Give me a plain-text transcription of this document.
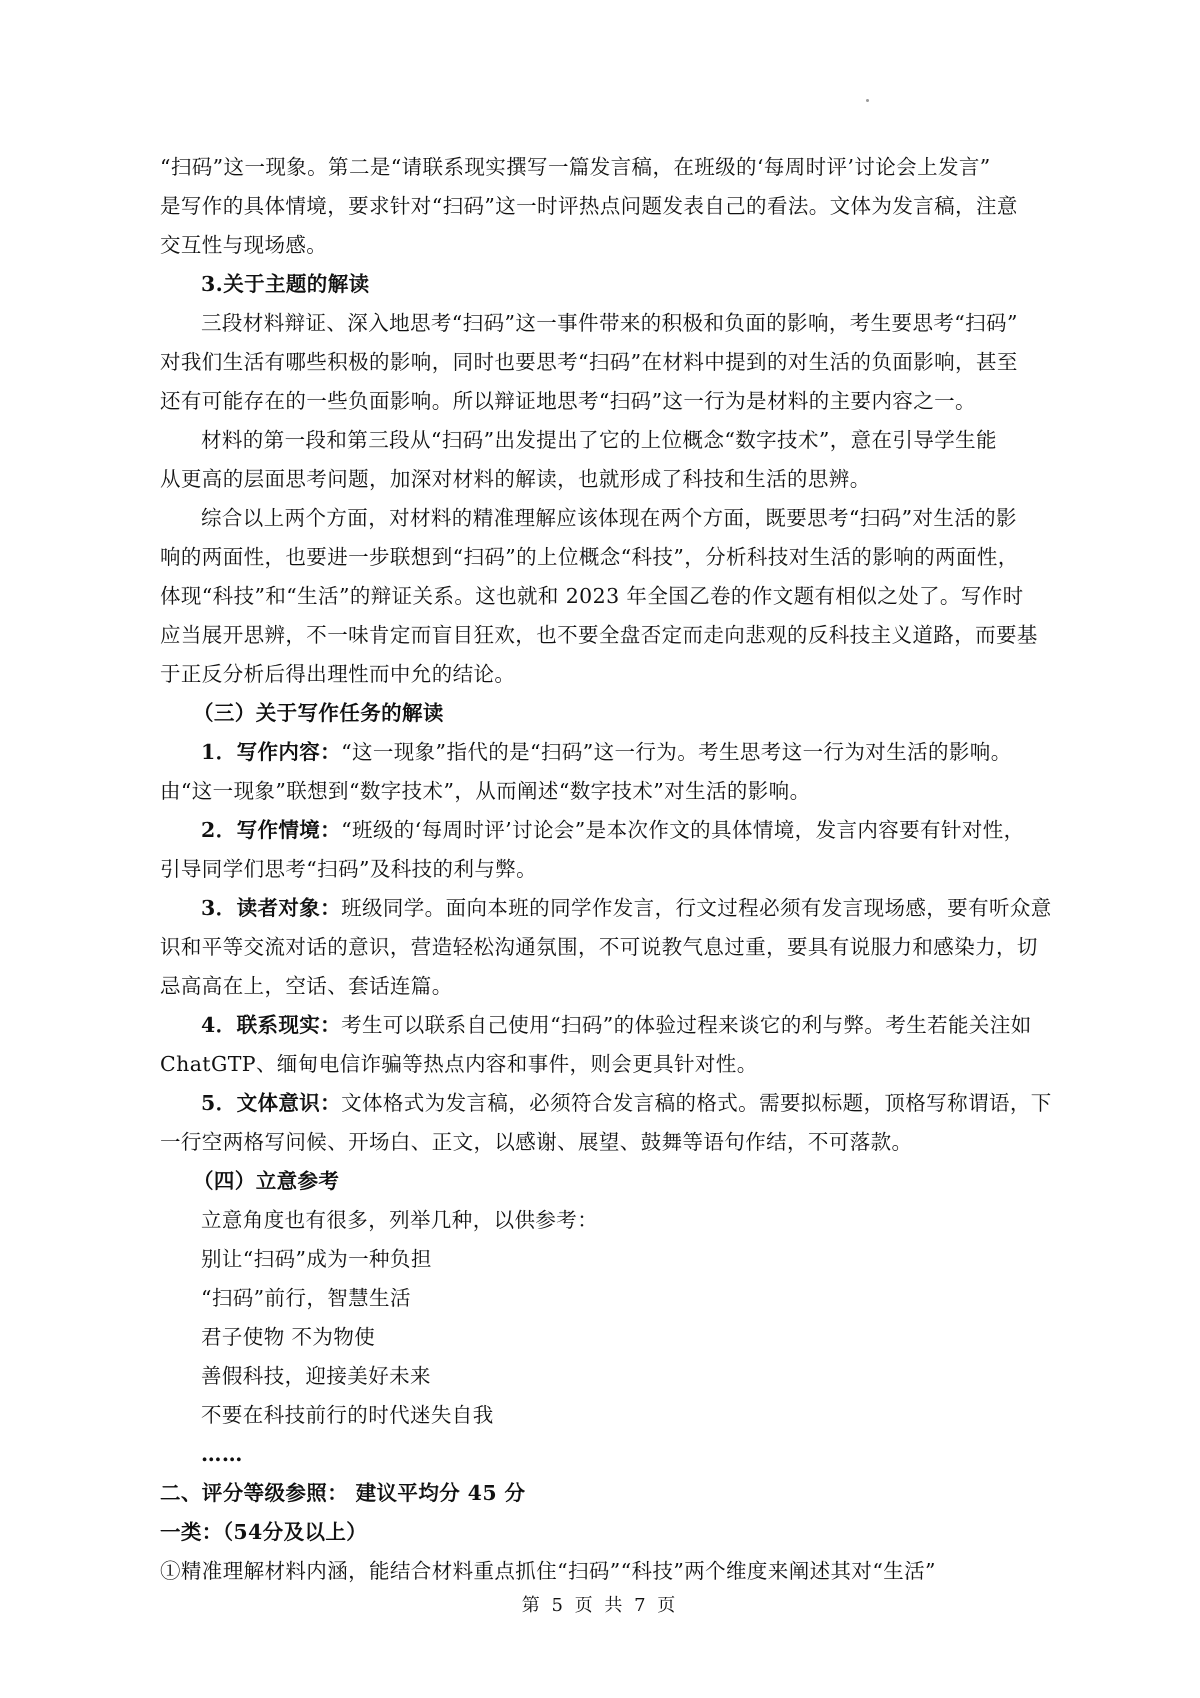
“扫码”这一现象。第二是“请联系现实撰写一篇发言稿，在班级的‘每周时评’讨论会上发言”
是写作的具体情境，要求针对“扫码”这一时评热点问题发表自己的看法。文体为发言稿，注意
交互性与现场感。
3.关于主题的解读
三段材料辩证、深入地思考“扫码”这一事件带来的积极和负面的影响，考生要思考“扫码”
对我们生活有哪些积极的影响，同时也要思考“扫码”在材料中提到的对生活的负面影响，甚至
还有可能存在的一些负面影响。所以辩证地思考“扫码”这一行为是材料的主要内容之一。
材料的第一段和第三段从“扫码”出发提出了它的上位概念“数字技术”，意在引导学生能
从更高的层面思考问题，加深对材料的解读，也就形成了科技和生活的思辨。
综合以上两个方面，对材料的精准理解应该体现在两个方面，既要思考“扫码”对生活的影
响的两面性，也要进一步联想到“扫码”的上位概念“科技”，分析科技对生活的影响的两面性，
体现“科技”和“生活”的辩证关系。这也就和 2023 年全国乙卷的作文题有相似之处了。写作时
应当展开思辨，不一味肯定而盲目狂欢，也不要全盘否定而走向悲观的反科技主义道路，而要基
于正反分析后得出理性而中允的结论。
（三）关于写作任务的解读
1．写作内容：“这一现象”指代的是“扫码”这一行为。考生思考这一行为对生活的影响。
由“这一现象”联想到“数字技术”，从而阐述“数字技术”对生活的影响。
2．写作情境：“班级的‘每周时评’讨论会”是本次作文的具体情境，发言内容要有针对性，
引导同学们思考“扫码”及科技的利与弊。
3．读者对象：班级同学。面向本班的同学作发言，行文过程必须有发言现场感，要有听众意
识和平等交流对话的意识，营造轻松沟通氛围，不可说教气息过重，要具有说服力和感染力，切
忌高高在上，空话、套话连篇。
4．联系现实：考生可以联系自己使用“扫码”的体验过程来谈它的利与弊。考生若能关注如
ChatGTP、缅甸电信诈骗等热点内容和事件，则会更具针对性。
5．文体意识：文体格式为发言稿，必须符合发言稿的格式。需要拟标题，顶格写称谓语，下
一行空两格写问候、开场白、正文，以感谢、展望、鼓舞等语句作结，不可落款。
（四）立意参考
立意角度也有很多，列举几种，以供参考：
别让“扫码”成为一种负担
“扫码”前行，智慧生活
君子使物 不为物使
善假科技，迎接美好未来
不要在科技前行的时代迷失自我
……
二、评分等级参照： 建议平均分 45 分
一类：（54分及以上）
①精准理解材料内涵，能结合材料重点抓住“扫码”“科技”两个维度来阐述其对“生活”
第 5 页 共 7 页
